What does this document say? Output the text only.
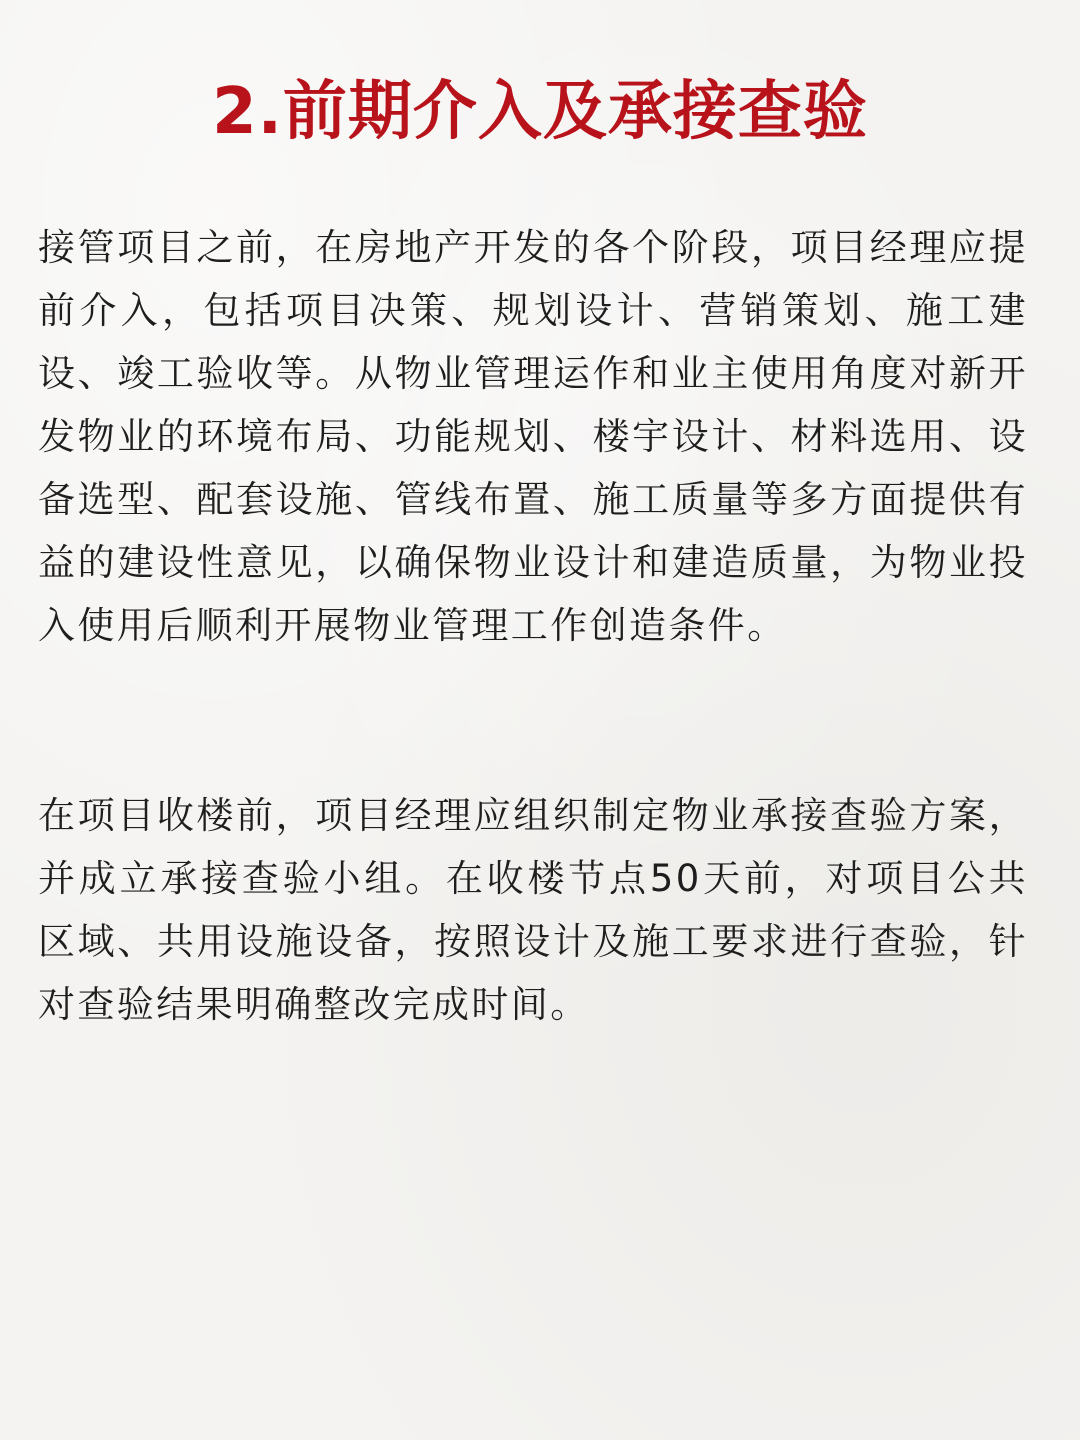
2.前期介入及承接查验

接管项目之前，在房地产开发的各个阶段，项目经理应提前介入，包括项目决策、规划设计、营销策划、施工建设、竣工验收等。从物业管理运作和业主使用角度对新开发物业的环境布局、功能规划、楼宇设计、材料选用、设备选型、配套设施、管线布置、施工质量等多方面提供有益的建设性意见，以确保物业设计和建造质量，为物业投入使用后顺利开展物业管理工作创造条件。

在项目收楼前，项目经理应组织制定物业承接查验方案，并成立承接查验小组。在收楼节点50天前，对项目公共区域、共用设施设备，按照设计及施工要求进行查验，针对查验结果明确整改完成时间。
